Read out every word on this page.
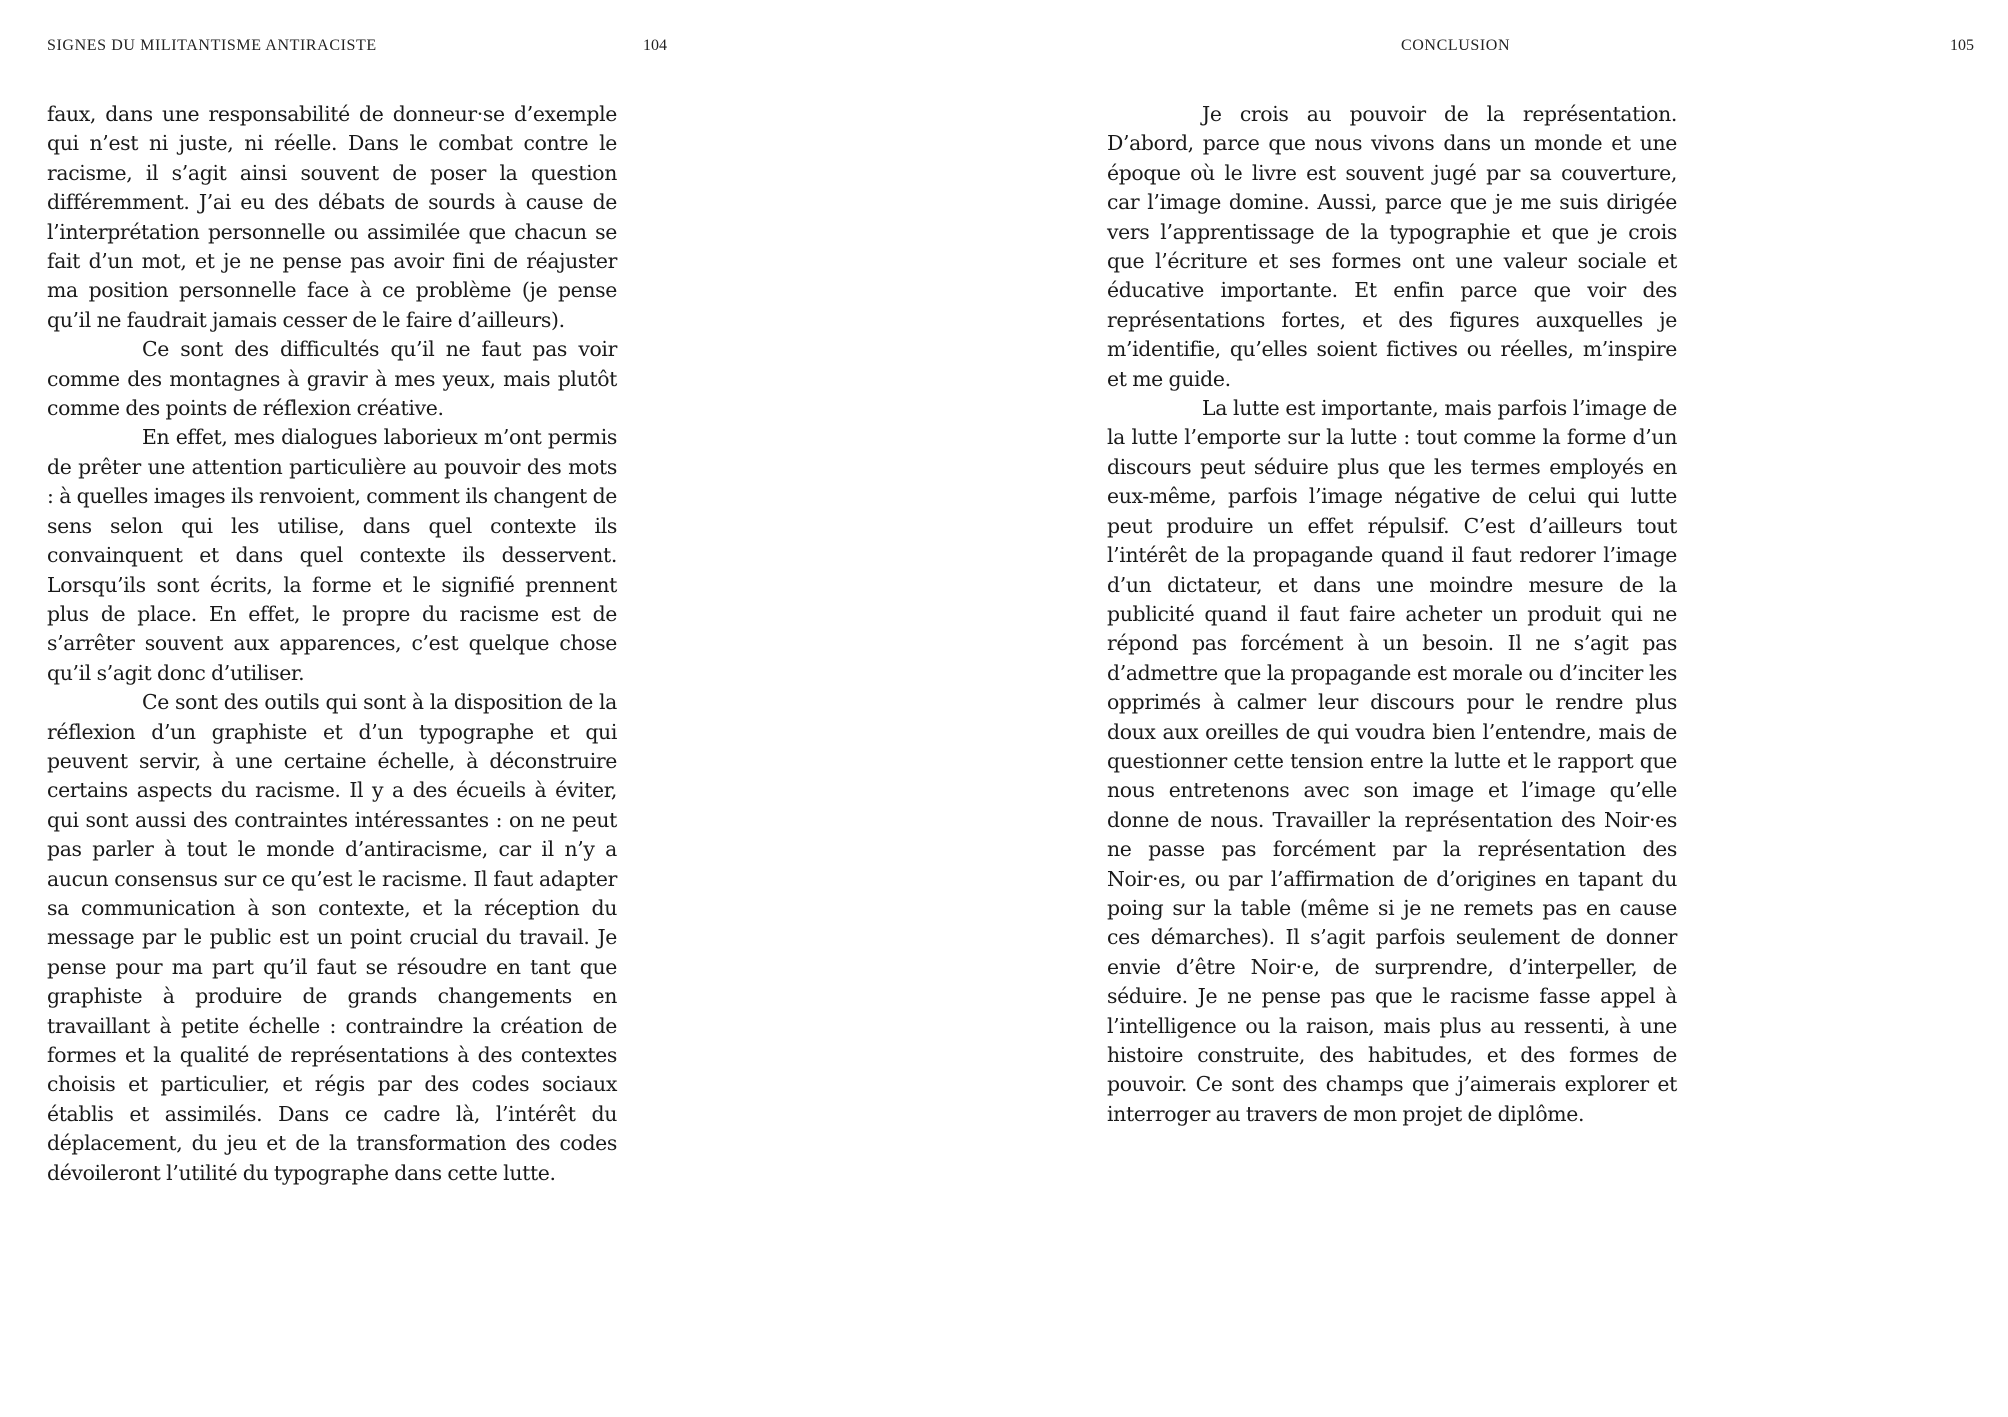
SIGNES DU MILITANTISME ANTIRACISTE	104

faux, dans une responsabilité de donneur·se d’exemple qui n’est ni juste, ni réelle. Dans le combat contre le racisme, il s’agit ainsi souvent de poser la question différemment. J’ai eu des débats de sourds à cause de l’interprétation personnelle ou assimilée que chacun se fait d’un mot, et je ne pense pas avoir fini de réajuster ma position personnelle face à ce problème (je pense qu’il ne faudrait jamais cesser de le faire d’ailleurs).

Ce sont des difficultés qu’il ne faut pas voir comme des montagnes à gravir à mes yeux, mais plutôt comme des points de réflexion créative.

En effet, mes dialogues laborieux m’ont permis de prêter une attention particulière au pouvoir des mots : à quelles images ils renvoient, comment ils changent de sens selon qui les utilise, dans quel contexte ils convainquent et dans quel contexte ils desservent. Lorsqu’ils sont écrits, la forme et le signifié prennent plus de place. En effet, le propre du racisme est de s’arrêter souvent aux apparences, c’est quelque chose qu’il s’agit donc d’utiliser.

Ce sont des outils qui sont à la disposition de la réflexion d’un graphiste et d’un typographe et qui peuvent servir, à une certaine échelle, à déconstruire certains aspects du racisme. Il y a des écueils à éviter, qui sont aussi des contraintes intéressantes : on ne peut pas parler à tout le monde d’antiracisme, car il n’y a aucun consensus sur ce qu’est le racisme. Il faut adapter sa communication à son contexte, et la réception du message par le public est un point crucial du travail. Je pense pour ma part qu’il faut se résoudre en tant que graphiste à produire de grands changements en travaillant à petite échelle : contraindre la création de formes et la qualité de représentations à des contextes choisis et particulier, et régis par des codes sociaux établis et assimilés. Dans ce cadre là, l’intérêt du déplacement, du jeu et de la transformation des codes dévoileront l’utilité du typographe dans cette lutte.

CONCLUSION	105

Je crois au pouvoir de la représentation. D’abord, parce que nous vivons dans un monde et une époque où le livre est souvent jugé par sa couverture, car l’image domine. Aussi, parce que je me suis dirigée vers l’apprentissage de la typographie et que je crois que l’écriture et ses formes ont une valeur sociale et éducative importante. Et enfin parce que voir des représentations fortes, et des figures auxquelles je m’identifie, qu’elles soient fictives ou réelles, m’inspire et me guide.

La lutte est importante, mais parfois l’image de la lutte l’emporte sur la lutte : tout comme la forme d’un discours peut séduire plus que les termes employés en eux-même, parfois l’image négative de celui qui lutte peut produire un effet répulsif. C’est d’ailleurs tout l’intérêt de la propagande quand il faut redorer l’image d’un dictateur, et dans une moindre mesure de la publicité quand il faut faire acheter un produit qui ne répond pas forcément à un besoin. Il ne s’agit pas d’admettre que la propagande est morale ou d’inciter les opprimés à calmer leur discours pour le rendre plus doux aux oreilles de qui voudra bien l’entendre, mais de questionner cette tension entre la lutte et le rapport que nous entretenons avec son image et l’image qu’elle donne de nous. Travailler la représentation des Noir·es ne passe pas forcément par la représentation des Noir·es, ou par l’affirmation de d’origines en tapant du poing sur la table (même si je ne remets pas en cause ces démarches). Il s’agit parfois seulement de donner envie d’être Noir·e, de surprendre, d’interpeller, de séduire. Je ne pense pas que le racisme fasse appel à l’intelligence ou la raison, mais plus au ressenti, à une histoire construite, des habitudes, et des formes de pouvoir. Ce sont des champs que j’aimerais explorer et interroger au travers de mon projet de diplôme.
